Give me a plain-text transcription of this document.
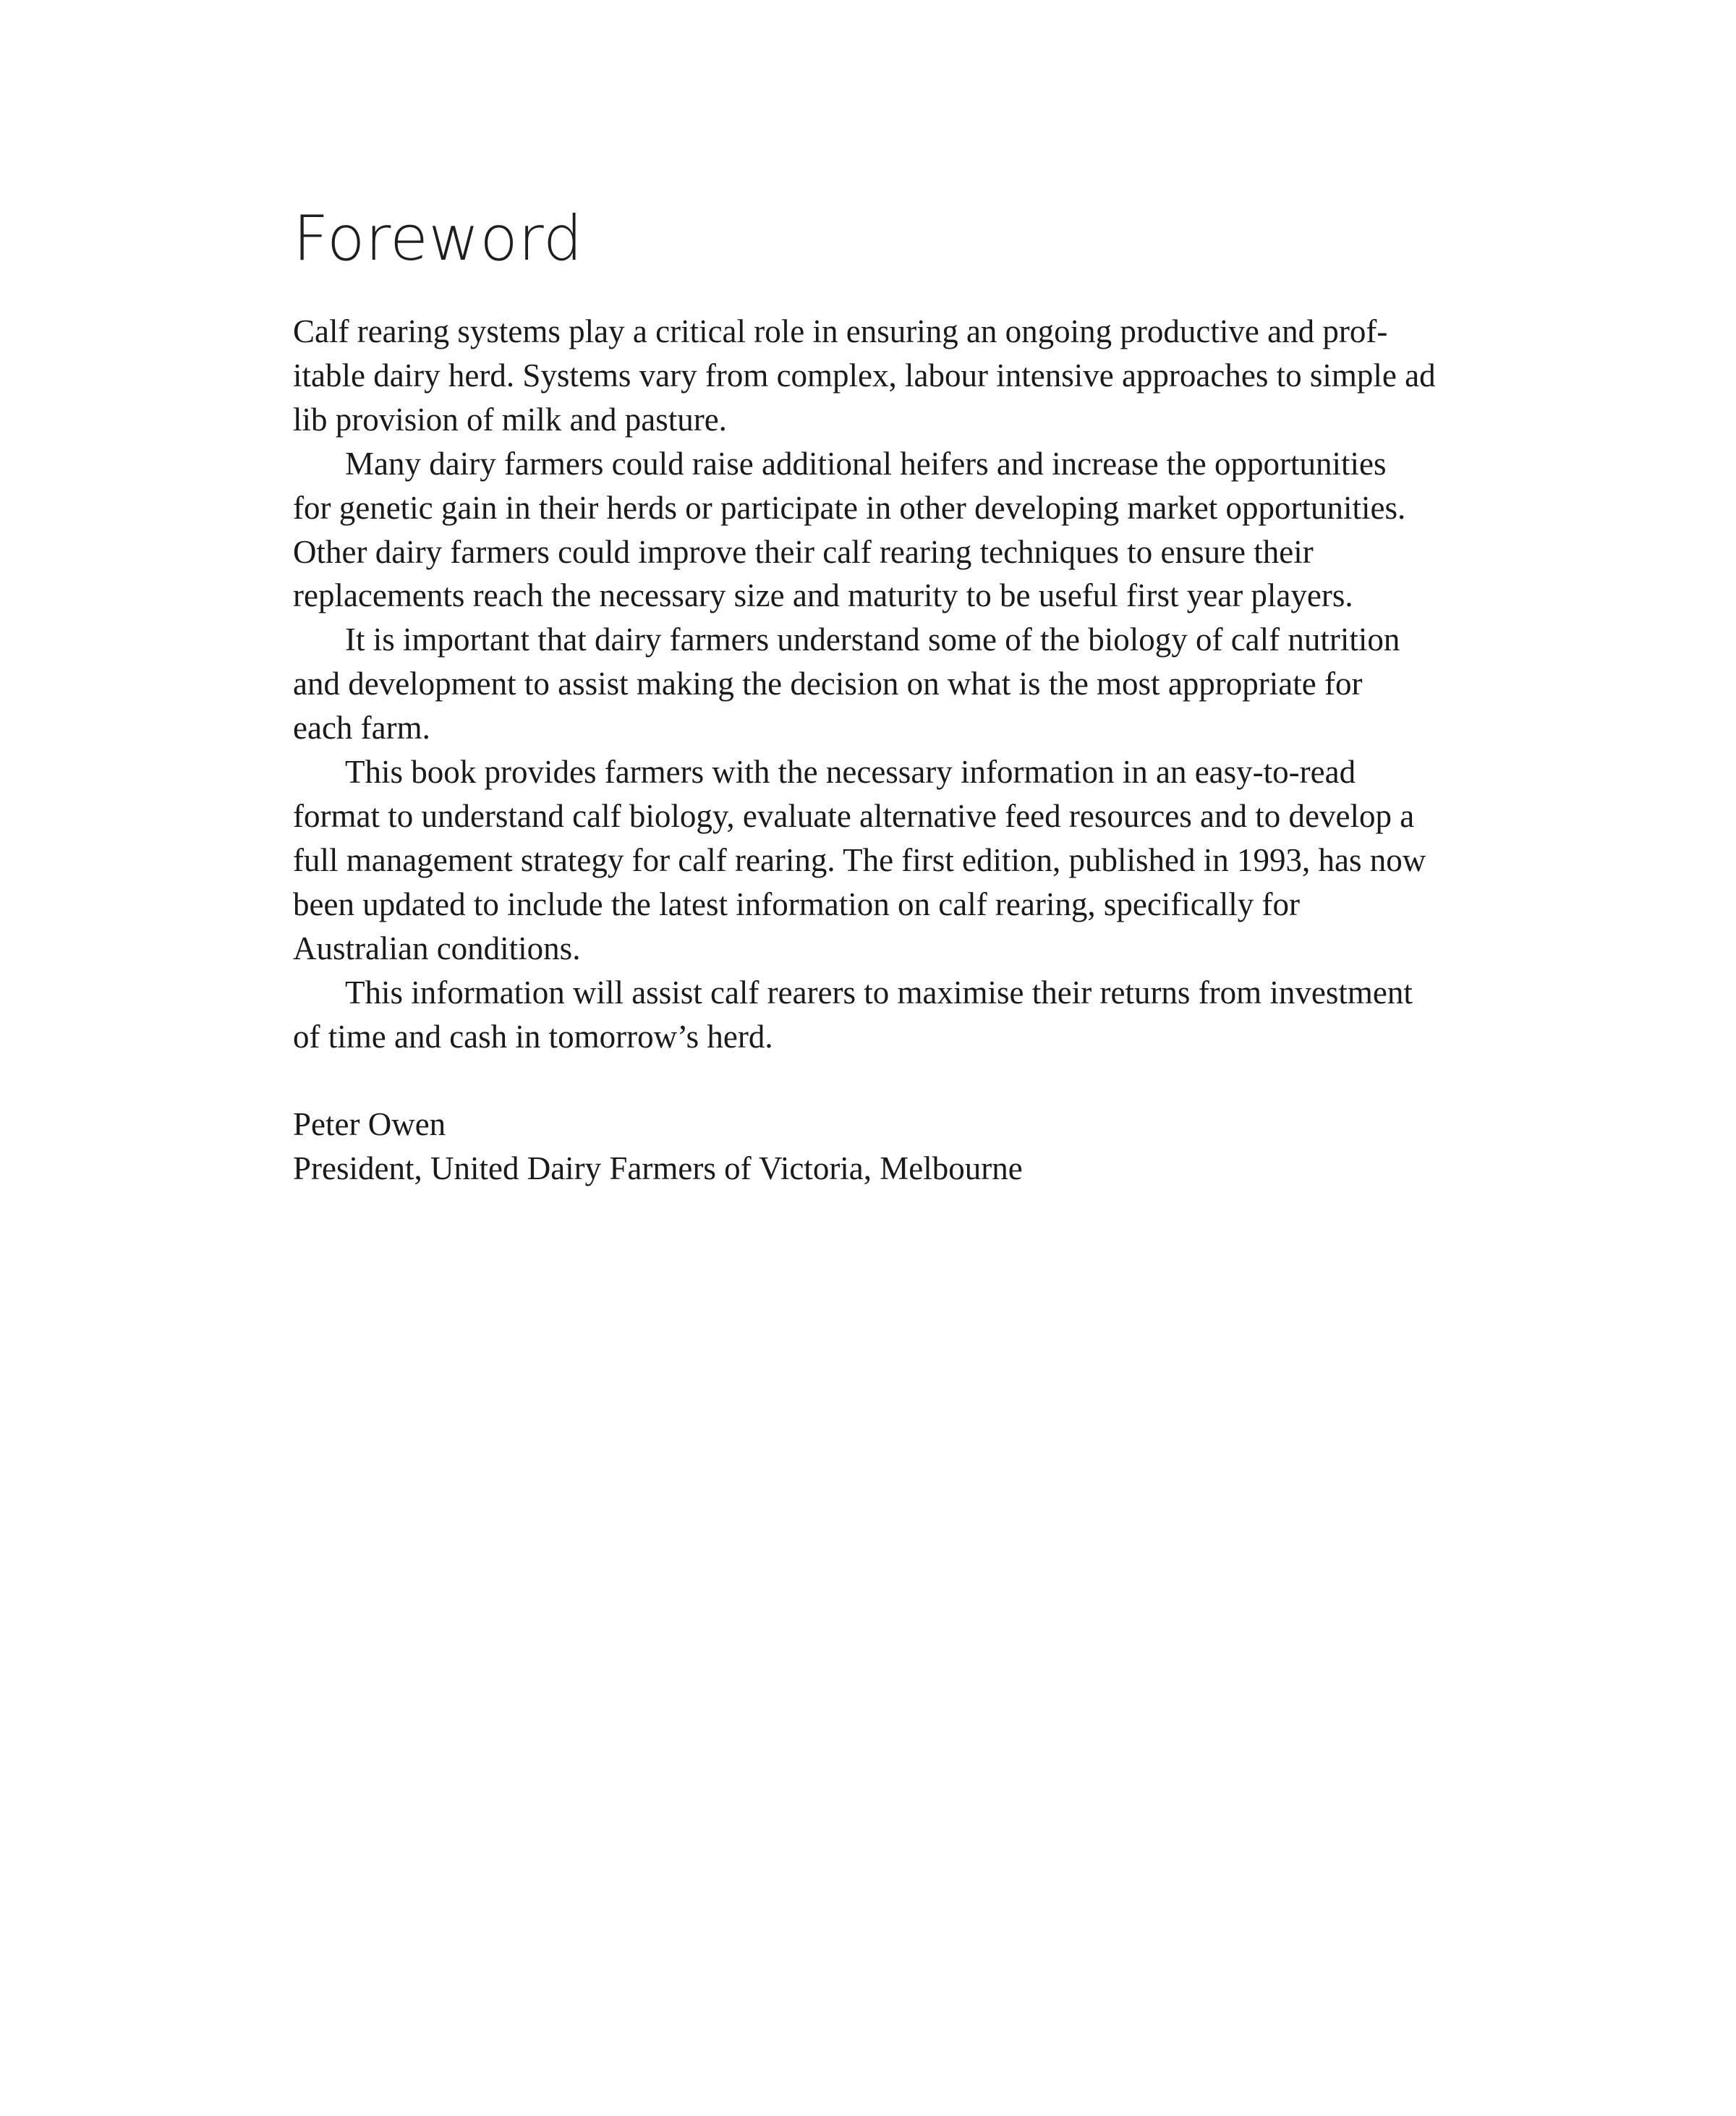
Foreword

Calf rearing systems play a critical role in ensuring an ongoing productive and prof-
itable dairy herd. Systems vary from complex, labour intensive approaches to simple ad
lib provision of milk and pasture.

Many dairy farmers could raise additional heifers and increase the opportunities
for genetic gain in their herds or participate in other developing market opportunities.
Other dairy farmers could improve their calf rearing techniques to ensure their
replacements reach the necessary size and maturity to be useful first year players.

It is important that dairy farmers understand some of the biology of calf nutrition
and development to assist making the decision on what is the most appropriate for
each farm.

This book provides farmers with the necessary information in an easy-to-read
format to understand calf biology, evaluate alternative feed resources and to develop a
full management strategy for calf rearing. The first edition, published in 1993, has now
been updated to include the latest information on calf rearing, specifically for
Australian conditions.

This information will assist calf rearers to maximise their returns from investment
of time and cash in tomorrow’s herd.

Peter Owen
President, United Dairy Farmers of Victoria, Melbourne
